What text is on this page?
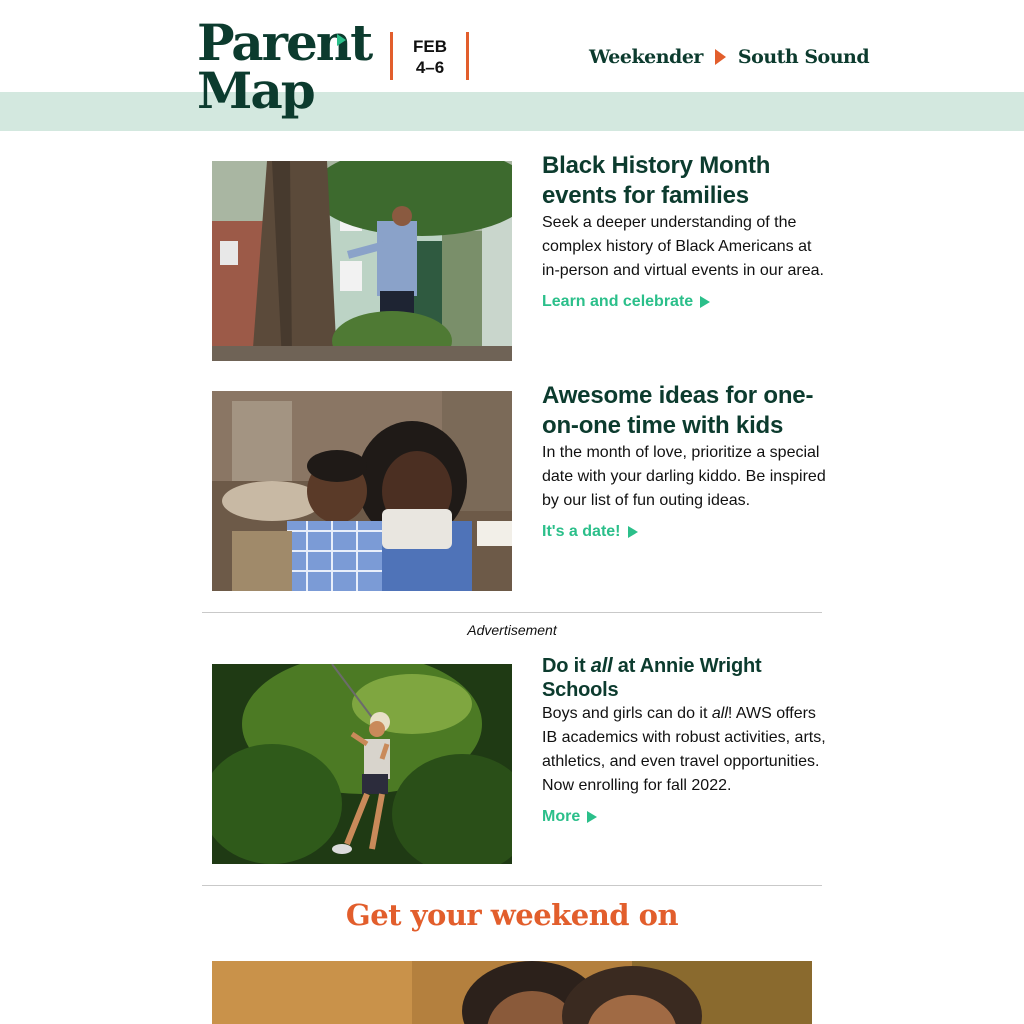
Parent
Map
FEB
4–6	Weekender South Sound
Black History Month events for families

Seek a deeper understanding of the complex history of Black Americans at in-person and virtual events in our area.

Learn and celebrate
Awesome ideas for one-on-one time with kids

In the month of love, prioritize a special date with your darling kiddo. Be inspired by our list of fun outing ideas.

It's a date!
Advertisement
Do it all at Annie Wright Schools

Boys and girls can do it all! AWS offers IB academics with robust activities, arts, athletics, and even travel opportunities. Now enrolling for fall 2022.

More
Get your weekend on
